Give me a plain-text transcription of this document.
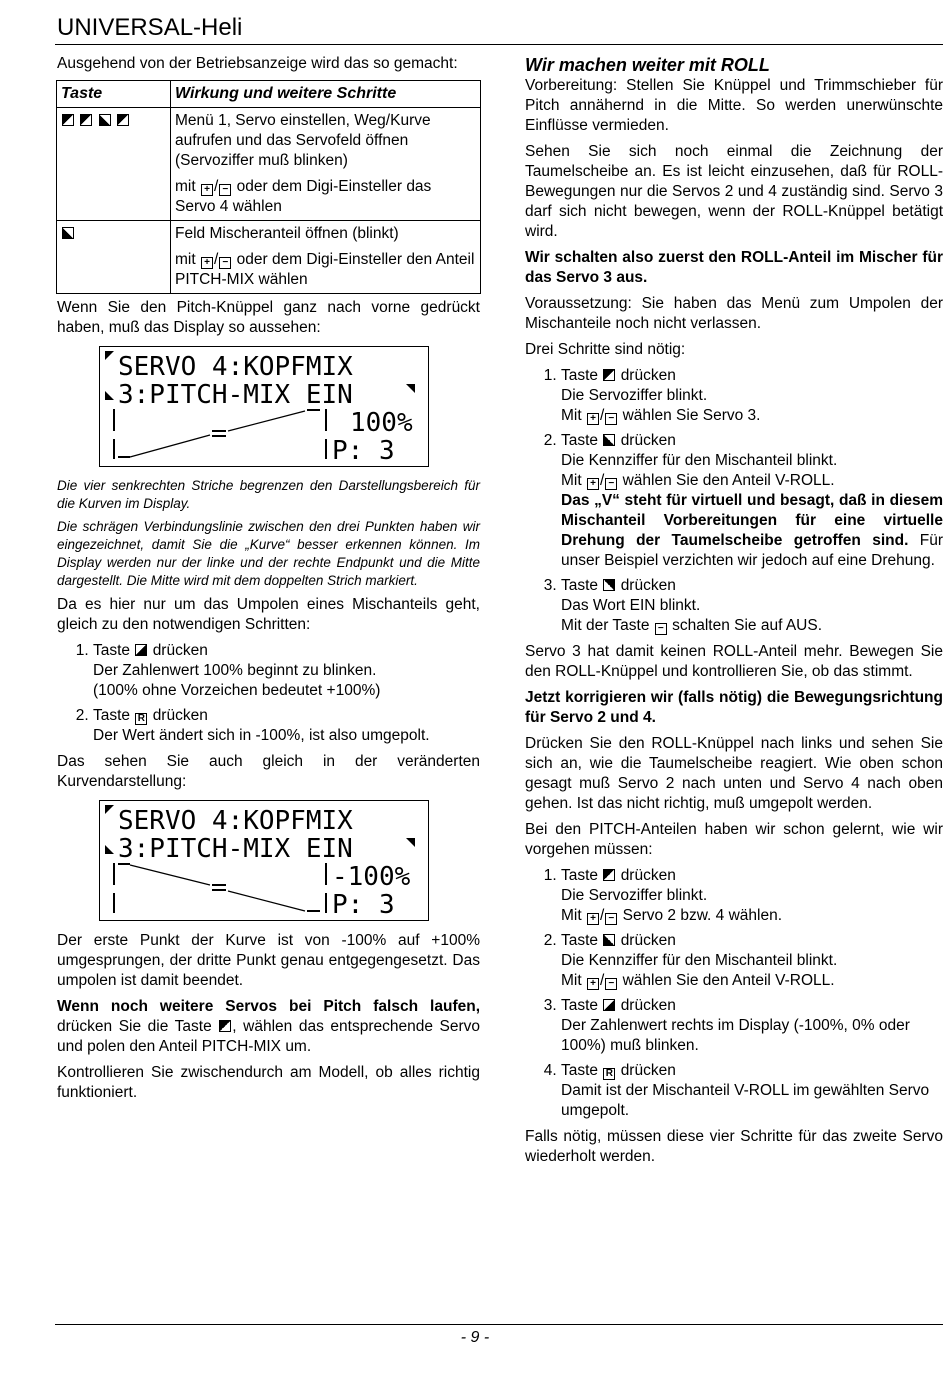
UNIVERSAL-Heli

Ausgehend von der Betriebsanzeige wird das so gemacht:

Taste	Wirkung und weitere Schritte

	Menü 1, Servo einstellen, Weg/Kurve aufrufen und das Servofeld öffnen (Servoziffer muß blinken)
mit + / − oder dem Digi-Einsteller das Servo 4 wählen

	Feld Mischeranteil öffnen (blinkt)
mit + / − oder dem Digi-Einsteller den Anteil PITCH-MIX wählen

Wenn Sie den Pitch-Knüppel ganz nach vorne gedrückt haben, muß das Display so aussehen:

SERVO 4:KOPFMIX
3:PITCH-MIX EIN
100%
P: 3

Die vier senkrechten Striche begrenzen den Darstellungsbereich für die Kurven im Display.

Die schrägen Verbindungslinie zwischen den drei Punkten haben wir eingezeichnet, damit Sie die „Kurve“ besser erkennen können. Im Display werden nur der linke und der rechte Endpunkt und die Mitte dargestellt. Die Mitte wird mit dem doppelten Strich markiert.

Da es hier nur um das Umpolen eines Mischanteils geht, gleich zu den notwendigen Schritten:

1. Taste drücken
Der Zahlenwert 100% beginnt zu blinken.
(100% ohne Vorzeichen bedeutet +100%)
2. Taste R drücken
Der Wert ändert sich in -100%, ist also umgepolt.

Das sehen Sie auch gleich in der veränderten Kurvendarstellung:

SERVO 4:KOPFMIX
3:PITCH-MIX EIN
-100%
P: 3

Der erste Punkt der Kurve ist von -100% auf +100% umgesprungen, der dritte Punkt genau entgegengesetzt. Das umpolen ist damit beendet.

Wenn noch weitere Servos bei Pitch falsch laufen, drücken Sie die Taste , wählen das entsprechende Servo und polen den Anteil PITCH-MIX um.

Kontrollieren Sie zwischendurch am Modell, ob alles richtig funktioniert.

Wir machen weiter mit ROLL

Vorbereitung: Stellen Sie Knüppel und Trimmschieber für Pitch annähernd in die Mitte. So werden unerwünschte Einflüsse vermieden.

Sehen Sie sich noch einmal die Zeichnung der Taumelscheibe an. Es ist leicht einzusehen, daß für ROLL-Bewegungen nur die Servos 2 und 4 zuständig sind. Servo 3 darf sich nicht bewegen, wenn der ROLL-Knüppel betätigt wird.

Wir schalten also zuerst den ROLL-Anteil im Mischer für das Servo 3 aus.

Voraussetzung: Sie haben das Menü zum Umpolen der Mischanteile noch nicht verlassen.

Drei Schritte sind nötig:

1. Taste drücken
Die Servoziffer blinkt.
Mit + / − wählen Sie Servo 3.
2. Taste drücken
Die Kennziffer für den Mischanteil blinkt.
Mit + / − wählen Sie den Anteil V-ROLL.
Das „V“ steht für virtuell und besagt, daß in diesem Mischanteil Vorbereitungen für eine virtuelle Drehung der Taumelscheibe getroffen sind. Für unser Beispiel verzichten wir jedoch auf eine Drehung.
3. Taste drücken
Das Wort EIN blinkt.
Mit der Taste − schalten Sie auf AUS.

Servo 3 hat damit keinen ROLL-Anteil mehr. Bewegen Sie den ROLL-Knüppel und kontrollieren Sie, ob das stimmt.

Jetzt korrigieren wir (falls nötig) die Bewegungsrichtung für Servo 2 und 4.

Drücken Sie den ROLL-Knüppel nach links und sehen Sie sich an, wie die Taumelscheibe reagiert. Wie oben schon gesagt muß Servo 2 nach unten und Servo 4 nach oben gehen. Ist das nicht richtig, muß umgepolt werden.

Bei den PITCH-Anteilen haben wir schon gelernt, wie wir vorgehen müssen:

1. Taste drücken
Die Servoziffer blinkt.
Mit + / − Servo 2 bzw. 4 wählen.
2. Taste drücken
Die Kennziffer für den Mischanteil blinkt.
Mit + / − wählen Sie den Anteil V-ROLL.
3. Taste drücken
Der Zahlenwert rechts im Display (-100%, 0% oder 100%) muß blinken.
4. Taste R drücken
Damit ist der Mischanteil V-ROLL im gewählten Servo umgepolt.

Falls nötig, müssen diese vier Schritte für das zweite Servo wiederholt werden.

- 9 -
